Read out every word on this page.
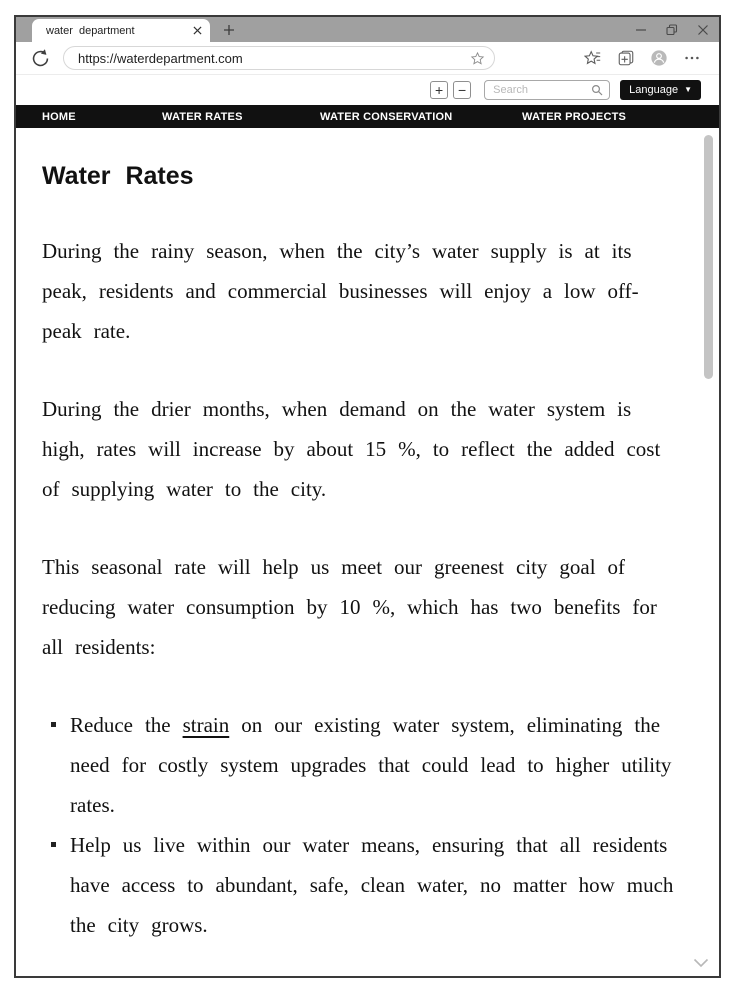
water department
https://waterdepartment.com
+	−
Search	Language ▼
HOME	WATER RATES	WATER CONSERVATION	WATER PROJECTS
Water Rates

During the rainy season, when the city’s water supply is at its peak, residents and commercial businesses will enjoy a low off-peak rate.

During the drier months, when demand on the water system is high, rates will increase by about 15 %, to reflect the added cost of supplying water to the city.

This seasonal rate will help us meet our greenest city goal of reducing water consumption by 10 %, which has two benefits for all residents:

Reduce the strain on our existing water system, eliminating the need for costly system upgrades that could lead to higher utility rates.
Help us live within our water means, ensuring that all residents have access to abundant, safe, clean water, no matter how much the city grows.
